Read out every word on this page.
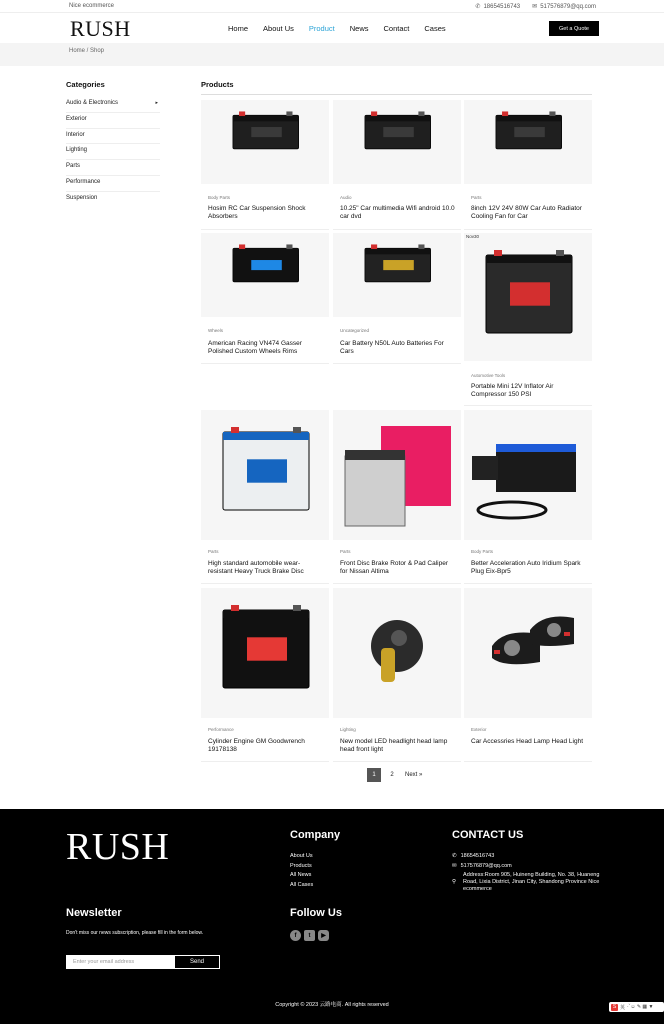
Nice ecommerce	✆ 18654516743 ✉ 517576879@qq.com
RUSH	Home About Us Product News Contact Cases	Get a Quote
Home / Shop
Categories
Audio & Electronics	▸
Exterior
Interior
Lighting
Parts
Performance
Suspension
Products
Body Parts
Hosim RC Car Suspension Shock Absorbers
Audio
10.25" Car multimedia Wifi android 10.0 car dvd
Parts
8inch 12V 24V 80W Car Auto Radiator Cooling Fan for Car
Wheels
American Racing VN474 Gasser Polished Custom Wheels Rims
Uncategorized
Car Battery N50L Auto Batteries For Cars
Nov30
Automotive Tools
Portable Mini 12V Inflator Air Compressor 150 PSI
Parts
High standard automobile wear-resistant Heavy Truck Brake Disc
Parts
Front Disc Brake Rotor & Pad Caliper for Nissan Altima
Body Parts
Better Acceleration Auto Iridium Spark Plug Eix-Bpr5
Performance
Cylinder Engine GM Goodwrench 19178138
Lighting
New model LED headlight head lamp head front light
Exterior
Car Accessries Head Lamp Head Light
1	2	Next »
RUSH	Company
About Us
Products
All News
All Cases
CONTACT US
✆ 18654516743
✉ 517576879@qq.com
⚲
Address:Room 905, Huineng Building, No. 38, Huaneng Road, Lixia District, Jinan City, Shandong Province Nice ecommerce
Newsletter
Don't miss our news subscription, please fill in the form below.
Enter your email address	Send
Follow Us
f	t	▶
Copyright © 2023 云路电商. All rights reserved	S 英 ·ˇ☺ ✎ ▦ ▼
